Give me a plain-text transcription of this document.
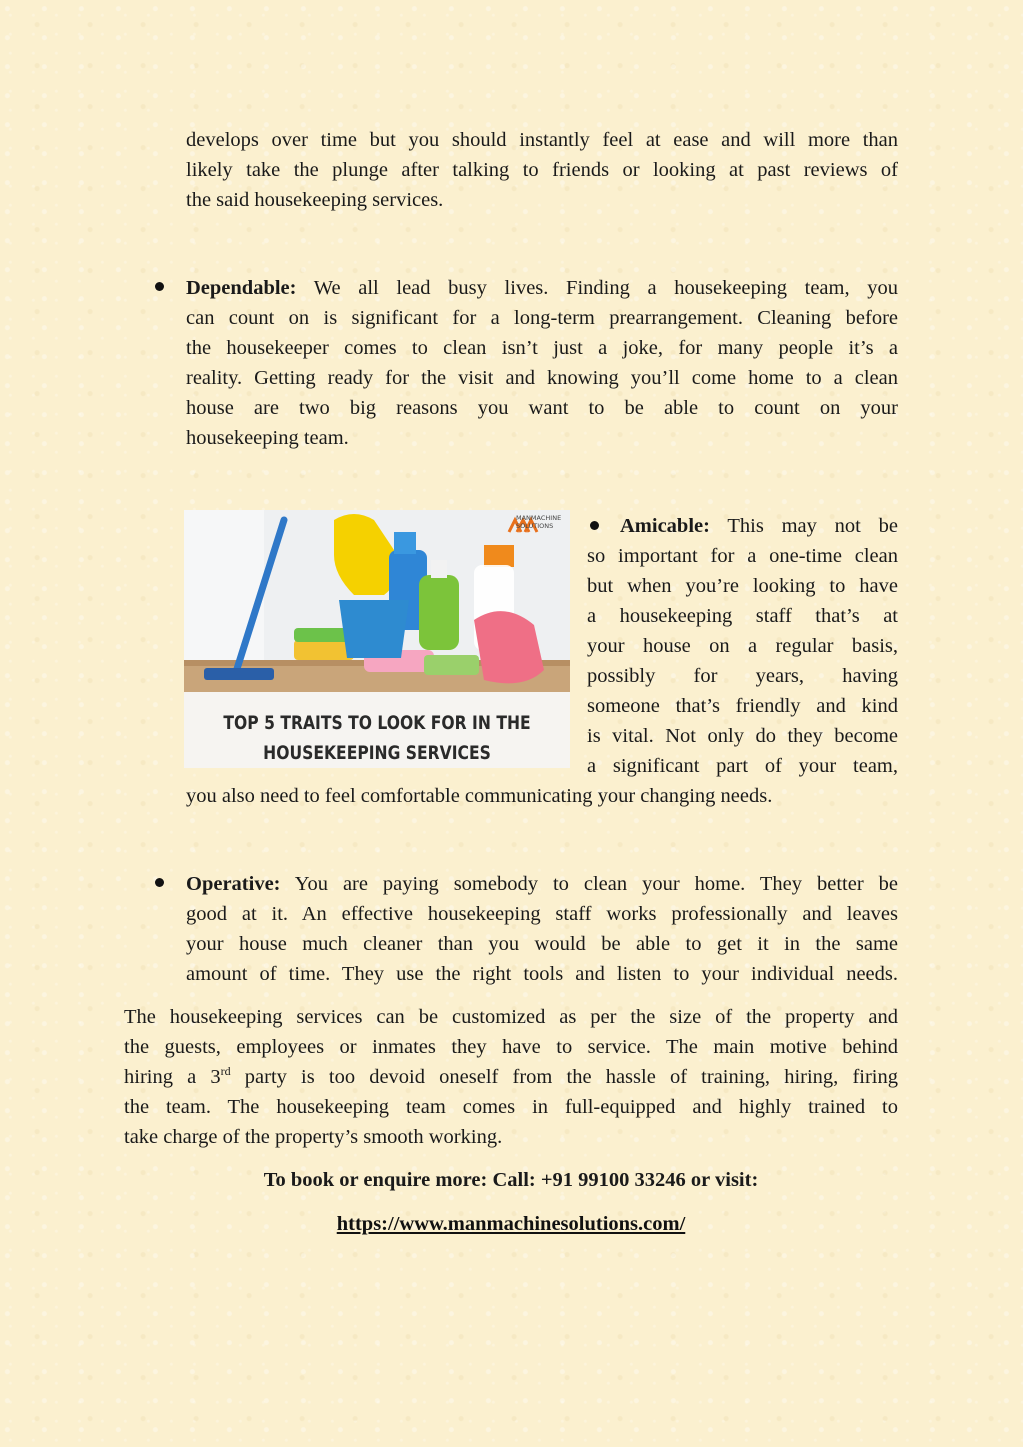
develops over time but you should instantly feel at ease and will more than
likely take the plunge after talking to friends or looking at past reviews of
the said housekeeping services.
Dependable: We all lead busy lives. Finding a housekeeping team, you
can count on is significant for a long-term prearrangement. Cleaning before
the housekeeper comes to clean isn’t just a joke, for many people it’s a
reality. Getting ready for the visit and knowing you’ll come home to a clean
house are two big reasons you want to be able to count on your
housekeeping team.
MANMACHINE
SOLUTIONS
TOP 5 TRAITS TO LOOK FOR IN THE
HOUSEKEEPING SERVICES
Amicable: This may not be
so important for a one-time clean
but when you’re looking to have
a housekeeping staff that’s at
your house on a regular basis,
possibly for years, having
someone that’s friendly and kind
is vital. Not only do they become
a significant part of your team,
you also need to feel comfortable communicating your changing needs.
Operative: You are paying somebody to clean your home. They better be
good at it. An effective housekeeping staff works professionally and leaves
your house much cleaner than you would be able to get it in the same
amount of time. They use the right tools and listen to your individual needs.
The housekeeping services can be customized as per the size of the property and
the guests, employees or inmates they have to service. The main motive behind
hiring a 3rd party is too devoid oneself from the hassle of training, hiring, firing
the team. The housekeeping team comes in full-equipped and highly trained to
take charge of the property’s smooth working.
To book or enquire more: Call: +91 99100 33246 or visit:
https://www.manmachinesolutions.com/
